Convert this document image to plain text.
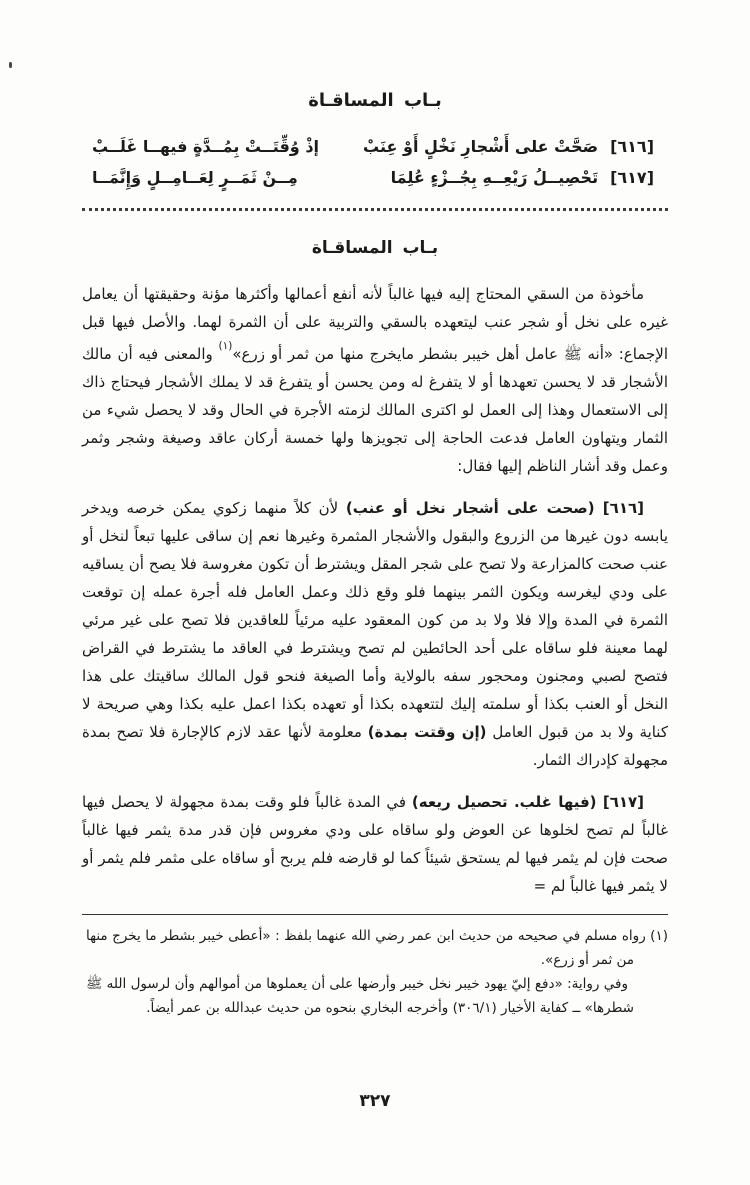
بـاب المساقـاة
[٦١٦]
صَحَّتْ على أَشْجارِ نَخْلٍ أَوْ عِنَبْ
إذْ وُقِّتَــتْ بِمُــدَّةٍ فيهــا غَلَــبْ
[٦١٧]
تَحْصِيــلُ رَيْعِــهِ بِجُــزْءٍ عُلِمَا
مِــنْ ثَمَــرٍ لِعَــامِــلٍ وَإِنَّمَــا
بـاب المساقـاة

مأخوذة من السقي المحتاج إليه فيها غالباً لأنه أنفع أعمالها وأكثرها مؤنة وحقيقتها أن يعامل غيره على نخل أو شجر عنب ليتعهده بالسقي والتربية على أن الثمرة لهما. والأصل فيها قبل الإجماع: «أنه ﷺ عامل أهل خيبر بشطر مايخرج منها من ثمر أو زرع»$^{(١)}$ والمعنى فيه أن مالك الأشجار قد لا يحسن تعهدها أو لا يتفرغ له ومن يحسن أو يتفرغ قد لا يملك الأشجار فيحتاج ذاك إلى الاستعمال وهذا إلى العمل لو اكترى المالك لزمته الأجرة في الحال وقد لا يحصل شيء من الثمار ويتهاون العامل فدعت الحاجة إلى تجويزها ولها خمسة أركان عاقد وصيغة وشجر وثمر وعمل وقد أشار الناظم إليها فقال:

[٦١٦] (صحت على أشجار نخل أو عنب) لأن كلاً منهما زكوي يمكن خرصه ويدخر يابسه دون غيرها من الزروع والبقول والأشجار المثمرة وغيرها نعم إن ساقى عليها تبعاً لنخل أو عنب صحت كالمزارعة ولا تصح على شجر المقل ويشترط أن تكون مغروسة فلا يصح أن يساقيه على ودي ليغرسه ويكون الثمر بينهما فلو وقع ذلك وعمل العامل فله أجرة عمله إن توقعت الثمرة في المدة وإلا فلا ولا بد من كون المعقود عليه مرئياً للعاقدين فلا تصح على غير مرئي لهما معينة فلو ساقاه على أحد الحائطين لم تصح ويشترط في العاقد ما يشترط في القراض فتصح لصبي ومجنون ومحجور سفه بالولاية وأما الصيغة فنحو قول المالك ساقيتك على هذا النخل أو العنب بكذا أو سلمته إليك لتتعهده بكذا أو تعهده بكذا اعمل عليه بكذا وهي صريحة لا كناية ولا بد من قبول العامل (إن وقتت بمدة) معلومة لأنها عقد لازم كالإجارة فلا تصح بمدة مجهولة كإدراك الثمار.

[٦١٧] (فيها غلب. تحصيل ريعه) في المدة غالباً فلو وقت بمدة مجهولة لا يحصل فيها غالباً لم تصح لخلوها عن العوض ولو ساقاه على ودي مغروس فإن قدر مدة يثمر فيها غالباً صحت فإن لم يثمر فيها لم يستحق شيئاً كما لو قارضه فلم يربح أو ساقاه على مثمر فلم يثمر أو لا يثمر فيها غالباً لم =

(١) رواه مسلم في صحيحه من حديث ابن عمر رضي الله عنهما بلفظ : «أعطى خيبر بشطر ما يخرج منها من ثمر أو زرع».

وفي رواية: «دفع إليّ يهود خيبر نخل خيبر وأرضها على أن يعملوها من أموالهم وأن لرسول الله ﷺ شطرها» ــ كفاية الأخيار (٣٠٦/١) وأخرجه البخاري بنحوه من حديث عبدالله بن عمر أيضاً.

٣٢٧
